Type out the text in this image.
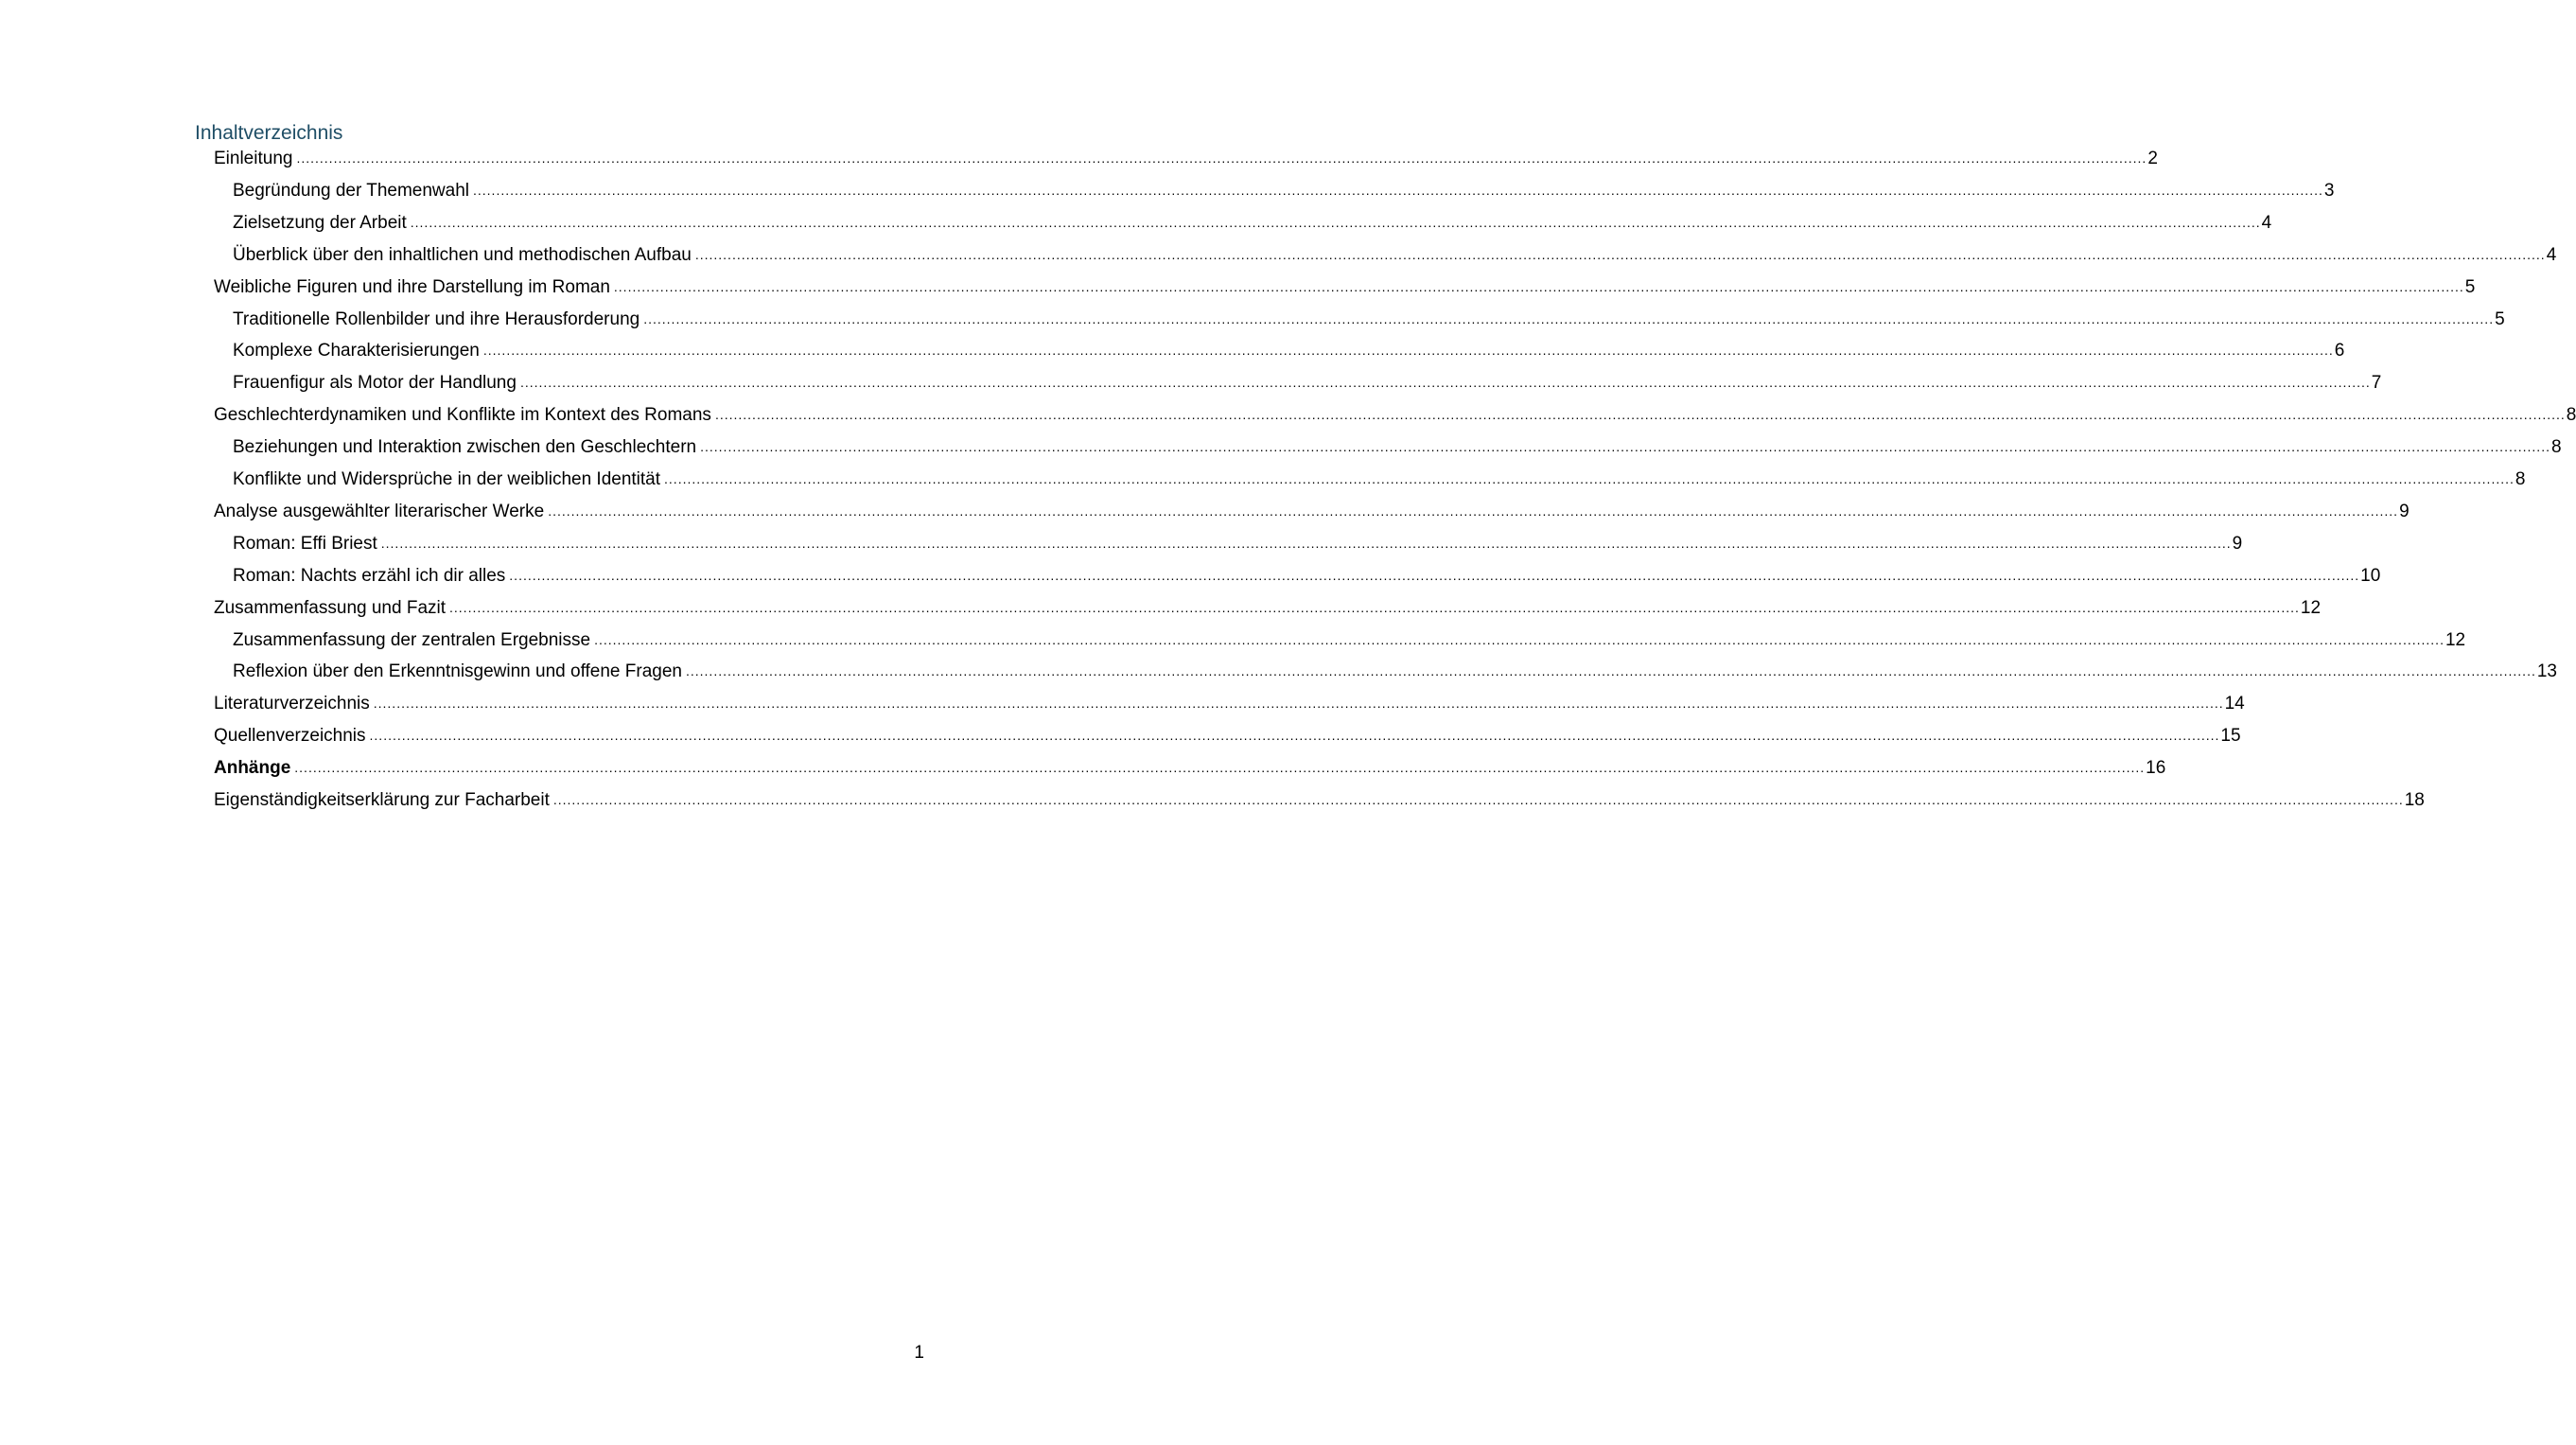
Inhaltverzeichnis
Einleitung ................................................................................................................................................................................................................................................................................................................................................................................................................ 2
Begründung der Themenwahl ................................................................................................................................................................................................................................................................................................................................................................................................................ 3
Zielsetzung der Arbeit ................................................................................................................................................................................................................................................................................................................................................................................................................ 4
Überblick über den inhaltlichen und methodischen Aufbau ................................................................................................................................................................................................................................................................................................................................................................................................................ 4
Weibliche Figuren und ihre Darstellung im Roman ................................................................................................................................................................................................................................................................................................................................................................................................................ 5
Traditionelle Rollenbilder und ihre Herausforderung ................................................................................................................................................................................................................................................................................................................................................................................................................ 5
Komplexe Charakterisierungen ................................................................................................................................................................................................................................................................................................................................................................................................................ 6
Frauenfigur als Motor der Handlung ................................................................................................................................................................................................................................................................................................................................................................................................................ 7
Geschlechterdynamiken und Konflikte im Kontext des Romans ................................................................................................................................................................................................................................................................................................................................................................................................................ 8
Beziehungen und Interaktion zwischen den Geschlechtern ................................................................................................................................................................................................................................................................................................................................................................................................................ 8
Konflikte und Widersprüche in der weiblichen Identität ................................................................................................................................................................................................................................................................................................................................................................................................................ 8
Analyse ausgewählter literarischer Werke ................................................................................................................................................................................................................................................................................................................................................................................................................ 9
Roman: Effi Briest ................................................................................................................................................................................................................................................................................................................................................................................................................ 9
Roman: Nachts erzähl ich dir alles ................................................................................................................................................................................................................................................................................................................................................................................................................ 10
Zusammenfassung und Fazit ................................................................................................................................................................................................................................................................................................................................................................................................................ 12
Zusammenfassung der zentralen Ergebnisse ................................................................................................................................................................................................................................................................................................................................................................................................................ 12
Reflexion über den Erkenntnisgewinn und offene Fragen ................................................................................................................................................................................................................................................................................................................................................................................................................ 13
Literaturverzeichnis ................................................................................................................................................................................................................................................................................................................................................................................................................ 14
Quellenverzeichnis ................................................................................................................................................................................................................................................................................................................................................................................................................ 15
Anhänge ................................................................................................................................................................................................................................................................................................................................................................................................................ 16
Eigenständigkeitserklärung zur Facharbeit ................................................................................................................................................................................................................................................................................................................................................................................................................ 18
1
